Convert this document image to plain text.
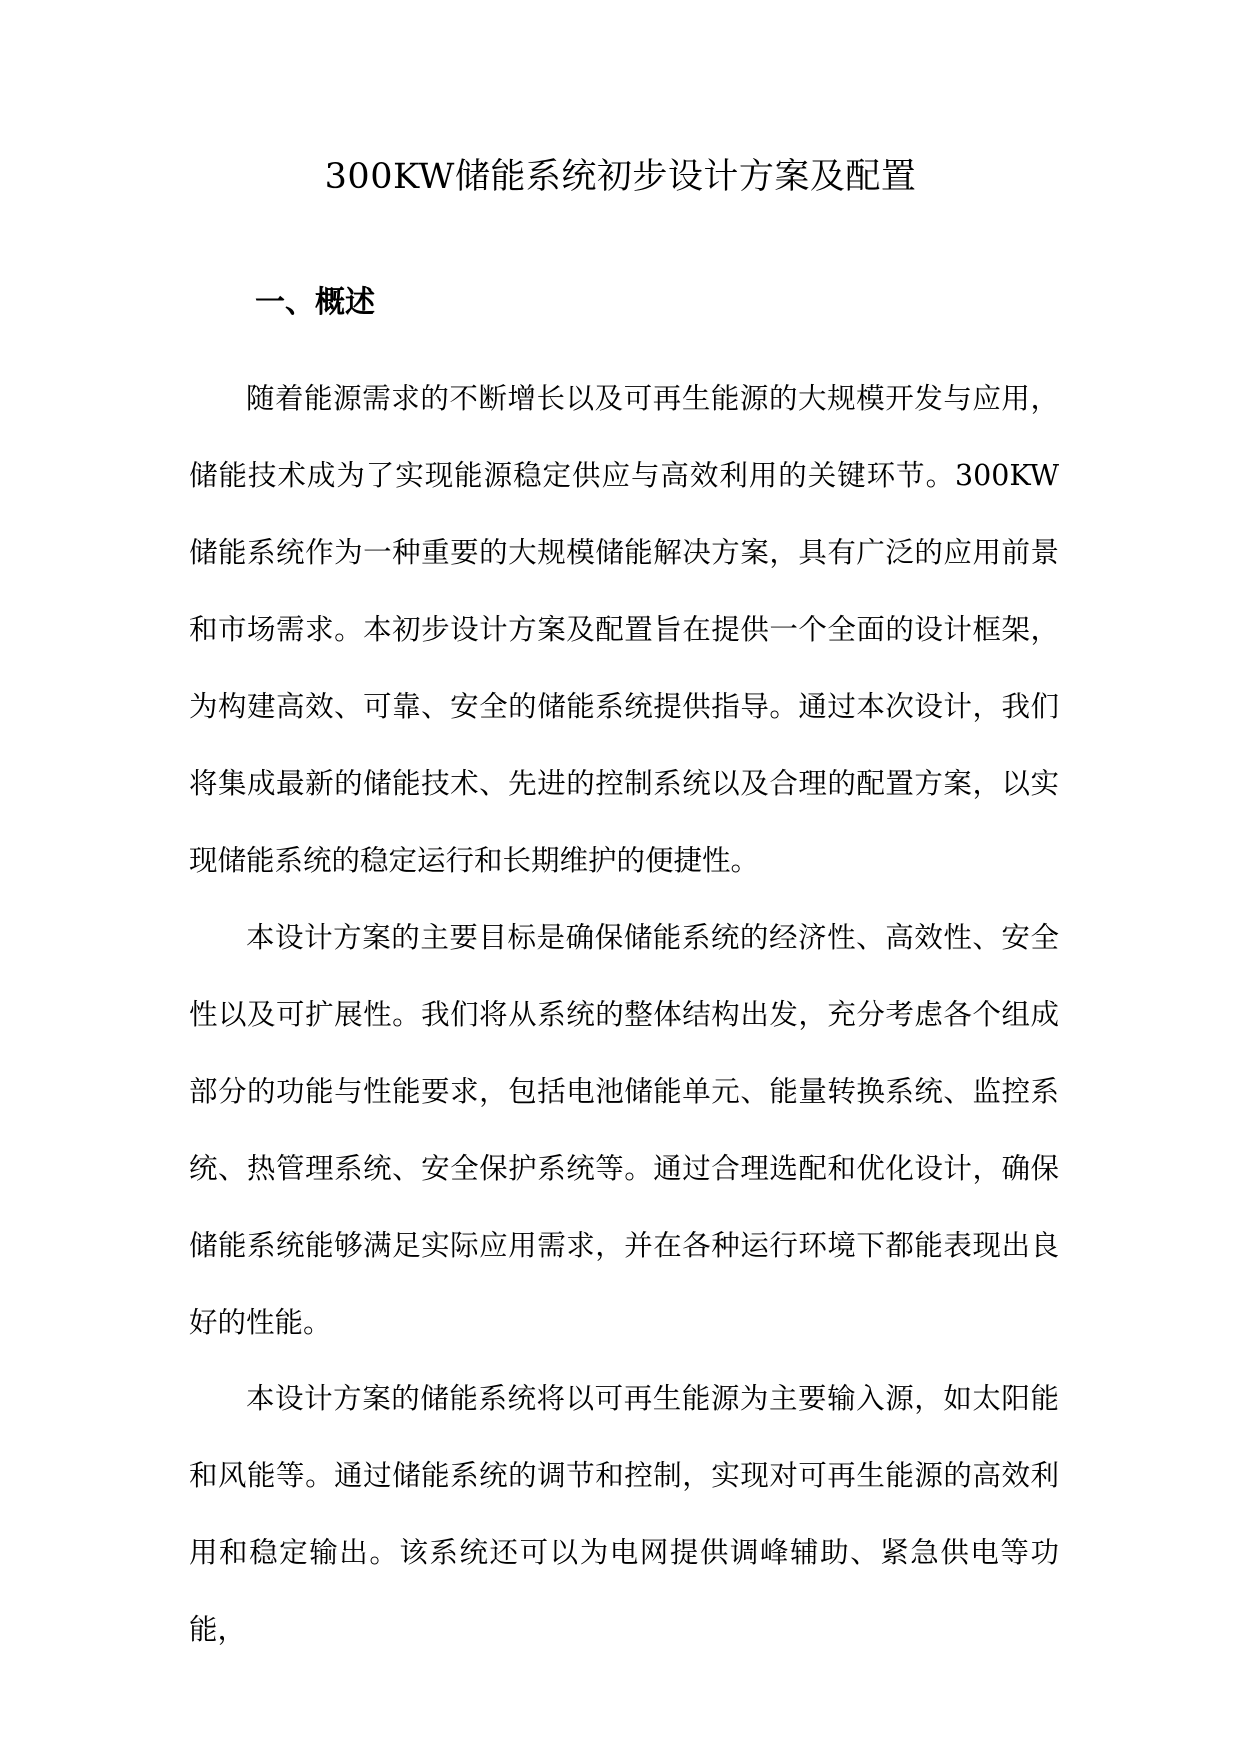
300KW储能系统初步设计方案及配置
一、概述

随着能源需求的不断增长以及可再生能源的大规模开发与应用，储能技术成为了实现能源稳定供应与高效利用的关键环节。300KW储能系统作为一种重要的大规模储能解决方案，具有广泛的应用前景和市场需求。本初步设计方案及配置旨在提供一个全面的设计框架，为构建高效、可靠、安全的储能系统提供指导。通过本次设计，我们将集成最新的储能技术、先进的控制系统以及合理的配置方案，以实现储能系统的稳定运行和长期维护的便捷性。

本设计方案的主要目标是确保储能系统的经济性、高效性、安全性以及可扩展性。我们将从系统的整体结构出发，充分考虑各个组成部分的功能与性能要求，包括电池储能单元、能量转换系统、监控系统、热管理系统、安全保护系统等。通过合理选配和优化设计，确保储能系统能够满足实际应用需求，并在各种运行环境下都能表现出良好的性能。

本设计方案的储能系统将以可再生能源为主要输入源，如太阳能和风能等。通过储能系统的调节和控制，实现对可再生能源的高效利用和稳定输出。该系统还可以为电网提供调峰辅助、紧急供电等功能，
